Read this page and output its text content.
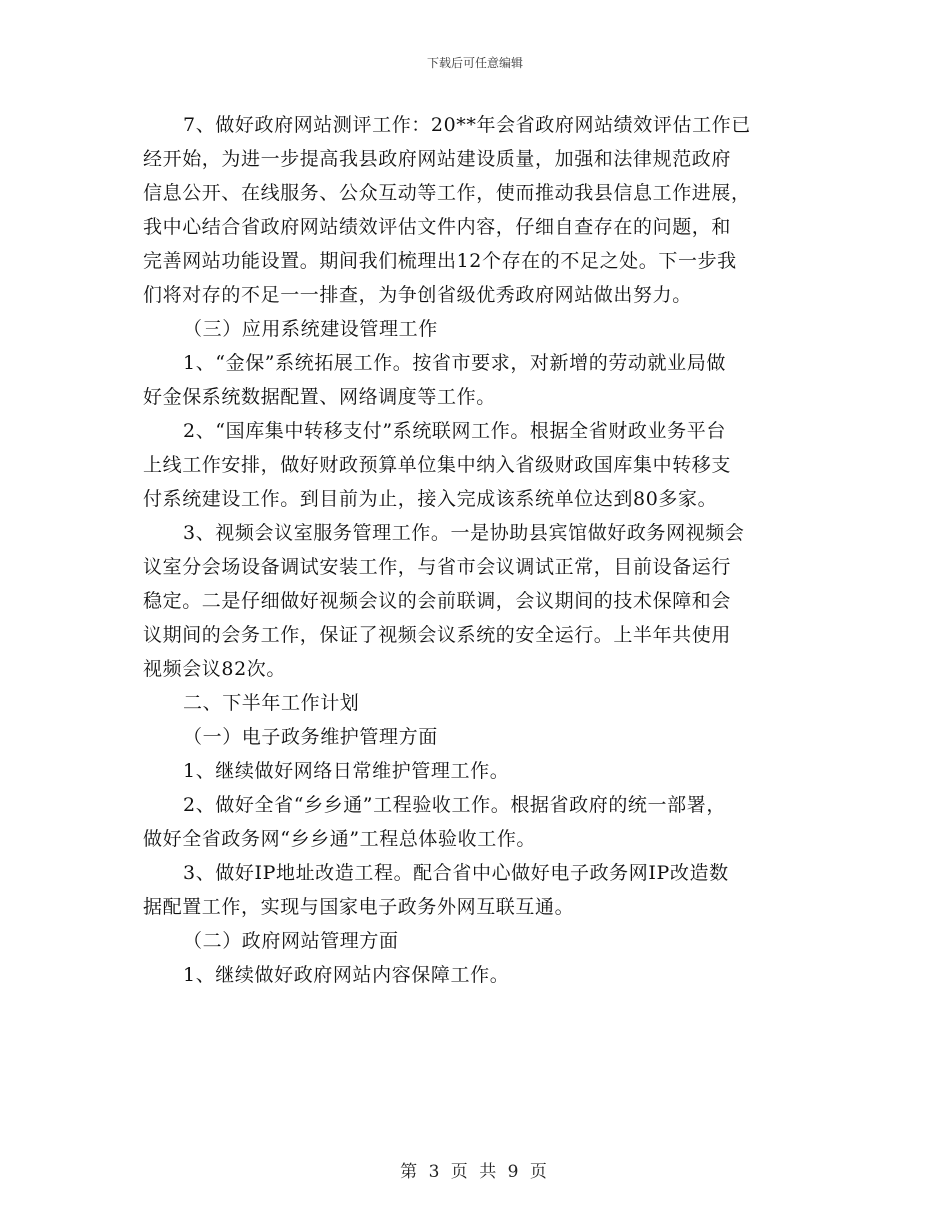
下载后可任意编辑
7、做好政府网站测评工作：20**年会省政府网站绩效评估工作已
经开始，为进一步提高我县政府网站建设质量，加强和法律规范政府
信息公开、在线服务、公众互动等工作，使而推动我县信息工作进展，
我中心结合省政府网站绩效评估文件内容，仔细自查存在的问题，和
完善网站功能设置。期间我们梳理出12个存在的不足之处。下一步我
们将对存的不足一一排查，为争创省级优秀政府网站做出努力。
（三）应用系统建设管理工作
1、“金保”系统拓展工作。按省市要求，对新增的劳动就业局做
好金保系统数据配置、网络调度等工作。
2、“国库集中转移支付”系统联网工作。根据全省财政业务平台
上线工作安排，做好财政预算单位集中纳入省级财政国库集中转移支
付系统建设工作。到目前为止，接入完成该系统单位达到80多家。
3、视频会议室服务管理工作。一是协助县宾馆做好政务网视频会
议室分会场设备调试安装工作，与省市会议调试正常，目前设备运行
稳定。二是仔细做好视频会议的会前联调，会议期间的技术保障和会
议期间的会务工作，保证了视频会议系统的安全运行。上半年共使用
视频会议82次。
二、下半年工作计划
（一）电子政务维护管理方面
1、继续做好网络日常维护管理工作。
2、做好全省“乡乡通”工程验收工作。根据省政府的统一部署，
做好全省政务网“乡乡通”工程总体验收工作。
3、做好IP地址改造工程。配合省中心做好电子政务网IP改造数
据配置工作，实现与国家电子政务外网互联互通。
（二）政府网站管理方面
1、继续做好政府网站内容保障工作。
第 3 页 共 9 页
